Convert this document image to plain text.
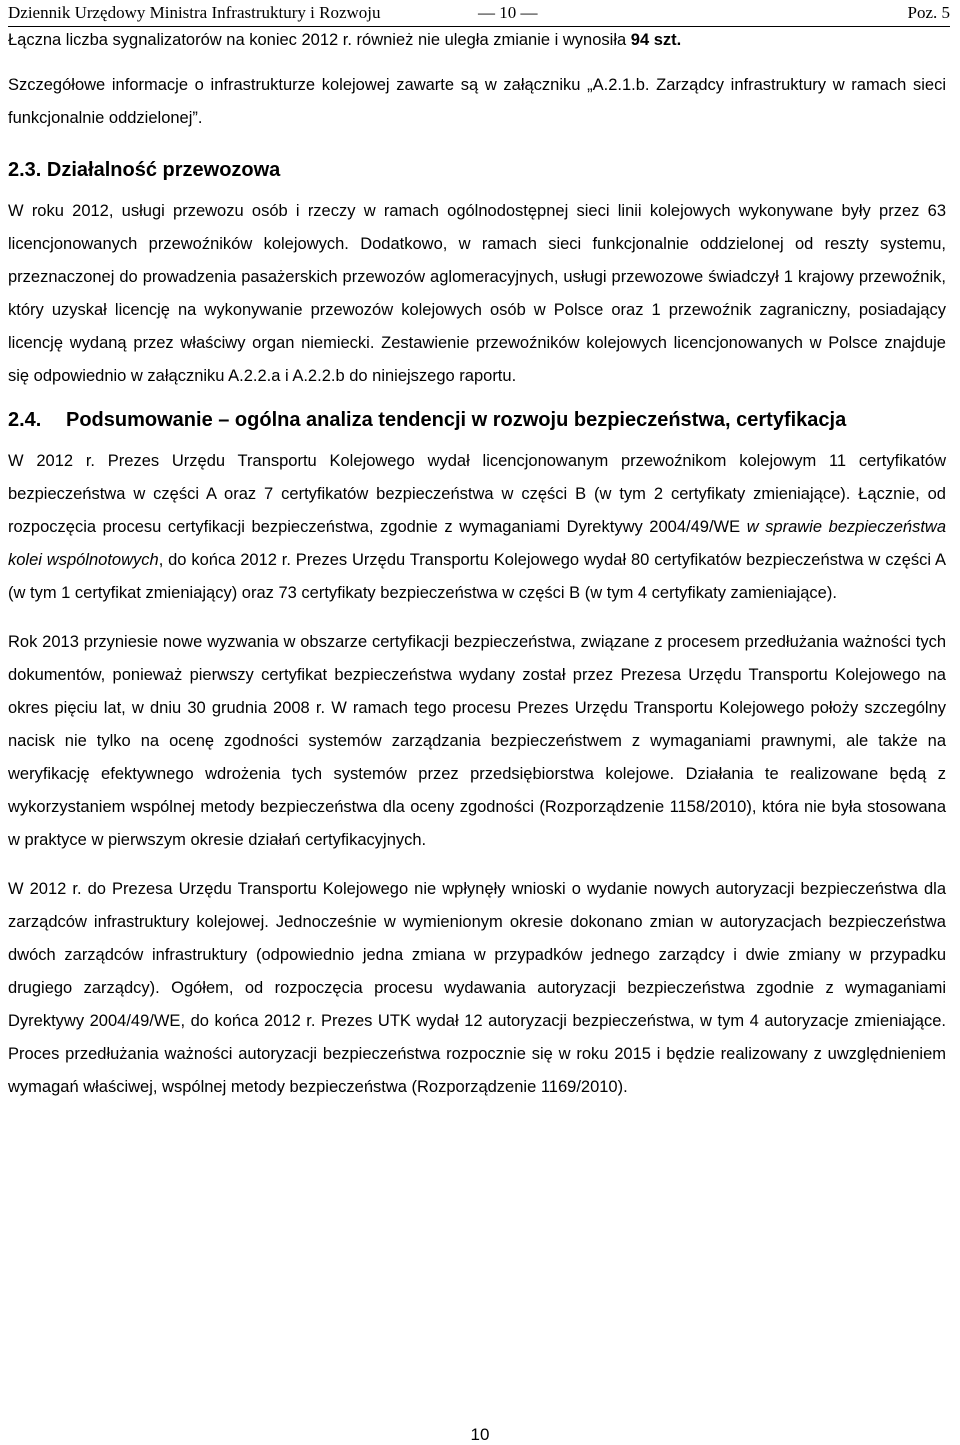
Dziennik Urzędowy Ministra Infrastruktury i Rozwoju	— 10 —	Poz. 5

Łączna liczba sygnalizatorów na koniec 2012 r. również nie uległa zmianie i wynosiła 94 szt.

Szczegółowe informacje o infrastrukturze kolejowej zawarte są w załączniku „A.2.1.b. Zarządcy infrastruktury w ramach sieci funkcjonalnie oddzielonej”.

2.3. Działalność przewozowa

W roku 2012, usługi przewozu osób i rzeczy w ramach ogólnodostępnej sieci linii kolejowych wykonywane były przez 63 licencjonowanych przewoźników kolejowych. Dodatkowo, w ramach sieci funkcjonalnie oddzielonej od reszty systemu, przeznaczonej do prowadzenia pasażerskich przewozów aglomeracyjnych, usługi przewozowe świadczył 1 krajowy przewoźnik, który uzyskał licencję na wykonywanie przewozów kolejowych osób w Polsce oraz 1 przewoźnik zagraniczny, posiadający licencję wydaną przez właściwy organ niemiecki. Zestawienie przewoźników kolejowych licencjonowanych w Polsce znajduje się odpowiednio w załączniku A.2.2.a i A.2.2.b do niniejszego raportu.

2.4.	Podsumowanie – ogólna analiza tendencji w rozwoju bezpieczeństwa, certyfikacja

W 2012 r. Prezes Urzędu Transportu Kolejowego wydał licencjonowanym przewoźnikom kolejowym 11 certyfikatów bezpieczeństwa w części A oraz 7 certyfikatów bezpieczeństwa w części B (w tym 2 certyfikaty zmieniające). Łącznie, od rozpoczęcia procesu certyfikacji bezpieczeństwa, zgodnie z wymaganiami Dyrektywy 2004/49/WE w sprawie bezpieczeństwa kolei wspólnotowych, do końca 2012 r. Prezes Urzędu Transportu Kolejowego wydał 80 certyfikatów bezpieczeństwa w części A (w tym 1 certyfikat zmieniający) oraz 73 certyfikaty bezpieczeństwa w części B (w tym 4 certyfikaty zamieniające).

Rok 2013 przyniesie nowe wyzwania w obszarze certyfikacji bezpieczeństwa, związane z procesem przedłużania ważności tych dokumentów, ponieważ pierwszy certyfikat bezpieczeństwa wydany został przez Prezesa Urzędu Transportu Kolejowego na okres pięciu lat, w dniu 30 grudnia 2008 r. W ramach tego procesu Prezes Urzędu Transportu Kolejowego położy szczególny nacisk nie tylko na ocenę zgodności systemów zarządzania bezpieczeństwem z wymaganiami prawnymi, ale także na weryfikację efektywnego wdrożenia tych systemów przez przedsiębiorstwa kolejowe. Działania te realizowane będą z wykorzystaniem wspólnej metody bezpieczeństwa dla oceny zgodności (Rozporządzenie 1158/2010), która nie była stosowana w praktyce w pierwszym okresie działań certyfikacyjnych.

W 2012 r. do Prezesa Urzędu Transportu Kolejowego nie wpłynęły wnioski o wydanie nowych autoryzacji bezpieczeństwa dla zarządców infrastruktury kolejowej. Jednocześnie w wymienionym okresie dokonano zmian w autoryzacjach bezpieczeństwa dwóch zarządców infrastruktury (odpowiednio jedna zmiana w przypadków jednego zarządcy i dwie zmiany w przypadku drugiego zarządcy). Ogółem, od rozpoczęcia procesu wydawania autoryzacji bezpieczeństwa zgodnie z wymaganiami Dyrektywy 2004/49/WE, do końca 2012 r. Prezes UTK wydał 12 autoryzacji bezpieczeństwa, w tym 4 autoryzacje zmieniające. Proces przedłużania ważności autoryzacji bezpieczeństwa rozpocznie się w roku 2015 i będzie realizowany z uwzględnieniem wymagań właściwej, wspólnej metody bezpieczeństwa (Rozporządzenie 1169/2010).

10
